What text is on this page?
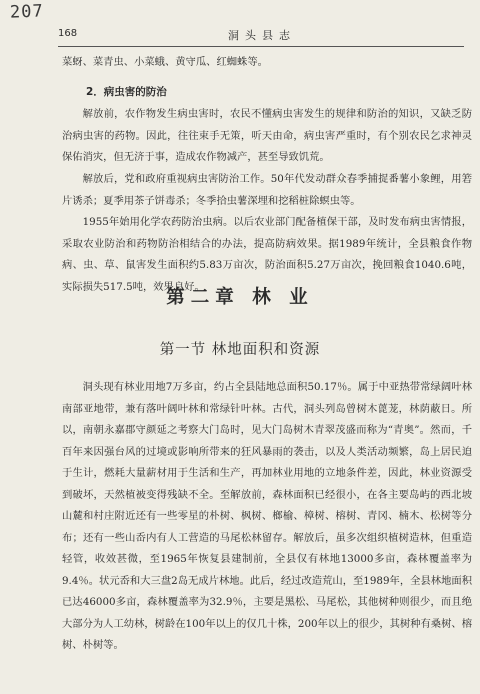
207
168	洞头县志
菜蚜、菜青虫、小菜蛾、黄守瓜、红蜘蛛等。
2．病虫害的防治
解放前，农作物发生病虫害时，农民不懂病虫害发生的规律和防治的知识，又缺乏防治病虫害的药物。因此，往往束手无策，听天由命，病虫害严重时，有个别农民乞求神灵保佑消灾，但无济于事，造成农作物减产，甚至导致饥荒。
解放后，党和政府重视病虫害防治工作。50年代发动群众春季捕捉番薯小象鲤，用箬片诱杀；夏季用茶子饼毒杀；冬季拾虫薯深埋和挖稻桩除螟虫等。
1955年始用化学农药防治虫病。以后农业部门配备植保干部，及时发布病虫害情报，采取农业防治和药物防治相结合的办法，提高防病效果。据1989年统计，全县粮食作物病、虫、草、鼠害发生面积约5.83万亩次，防治面积5.27万亩次，挽回粮食1040.6吨，实际损失517.5吨，效果良好。
第二章 林 业
第一节 林地面积和资源
洞头现有林业用地7万多亩，约占全县陆地总面积50.17％。属于中亚热带常绿阔叶林南部亚地带，兼有落叶阔叶林和常绿针叶林。古代，洞头列岛曾树木蓖茏，林荫蔽日。所以，南朝永嘉郡守颜延之考察大门岛时，见大门岛树木青翠茂盛而称为“青奥”。然而，千百年来因强台风的过境或影响所带来的狂风暴雨的袭击，以及人类活动频繁，岛上居民迫于生计，燃耗大量薪材用于生活和生产，再加林业用地的立地条件差，因此，林业资源受到破坏，天然植被变得残缺不全。至解放前，森林面积已经很小，在各主要岛屿的西北坡山麓和村庄附近还有一些零星的朴树、枫树、榔榆、樟树、榕树、青冈、楠木、松树等分布；还有一些山岙内有人工营造的马尾松林留存。解放后，虽多次组织植树造林，但重造轻管，收效甚微，至1965年恢复县建制前，全县仅有林地13000多亩，森林覆盖率为9.4％。状元岙和大三盘2岛无成片林地。此后，经过改造荒山，至1989年，全县林地面积已达46000多亩，森林覆盖率为32.9％，主要是黑松、马尾松，其他树种则很少，而且绝大部分为人工幼林，树龄在100年以上的仅几十株，200年以上的很少，其树种有桑树、榕树、朴树等。
